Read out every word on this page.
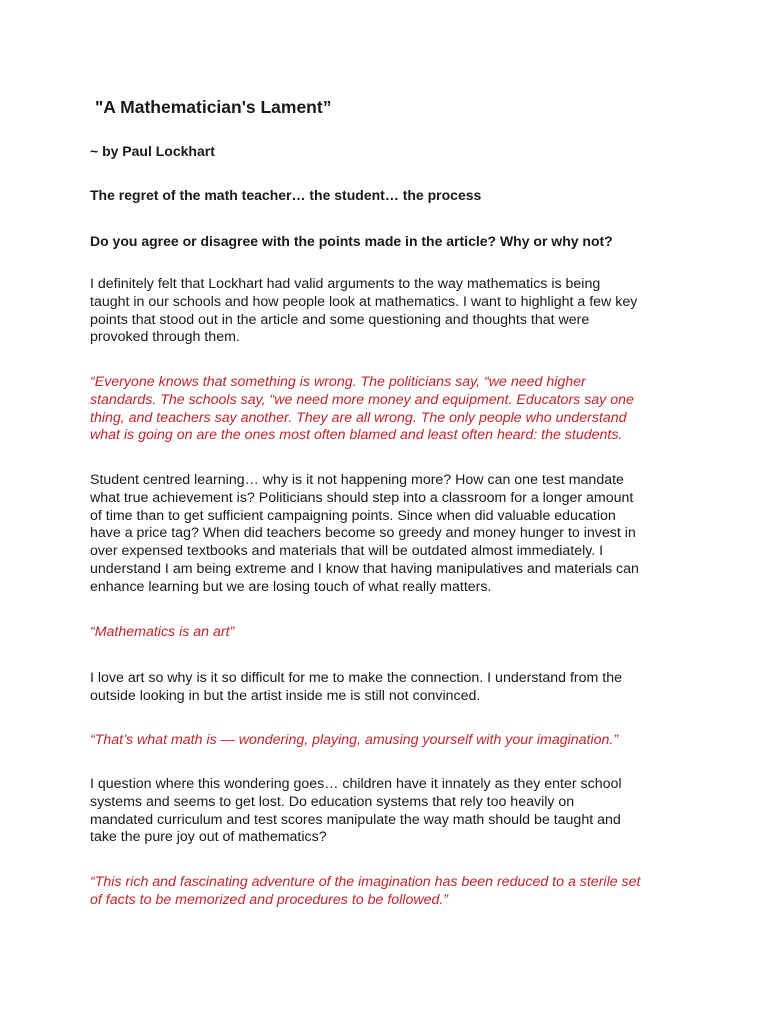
"A Mathematician's Lament”

~ by Paul Lockhart

The regret of the math teacher… the student… the process

Do you agree or disagree with the points made in the article? Why or why not?

I definitely felt that Lockhart had valid arguments to the way mathematics is being
taught in our schools and how people look at mathematics. I want to highlight a few key
points that stood out in the article and some questioning and thoughts that were
provoked through them.

“Everyone knows that something is wrong. The politicians say, “we need higher
standards. The schools say, “we need more money and equipment. Educators say one
thing, and teachers say another. They are all wrong. The only people who understand
what is going on are the ones most often blamed and least often heard: the students.

Student centred learning… why is it not happening more? How can one test mandate
what true achievement is? Politicians should step into a classroom for a longer amount
of time than to get sufficient campaigning points. Since when did valuable education
have a price tag? When did teachers become so greedy and money hunger to invest in
over expensed textbooks and materials that will be outdated almost immediately. I
understand I am being extreme and I know that having manipulatives and materials can
enhance learning but we are losing touch of what really matters.

“Mathematics is an art”

I love art so why is it so difficult for me to make the connection. I understand from the
outside looking in but the artist inside me is still not convinced.

“That’s what math is — wondering, playing, amusing yourself with your imagination.”

I question where this wondering goes… children have it innately as they enter school
systems and seems to get lost. Do education systems that rely too heavily on
mandated curriculum and test scores manipulate the way math should be taught and
take the pure joy out of mathematics?

“This rich and fascinating adventure of the imagination has been reduced to a sterile set
of facts to be memorized and procedures to be followed.”
